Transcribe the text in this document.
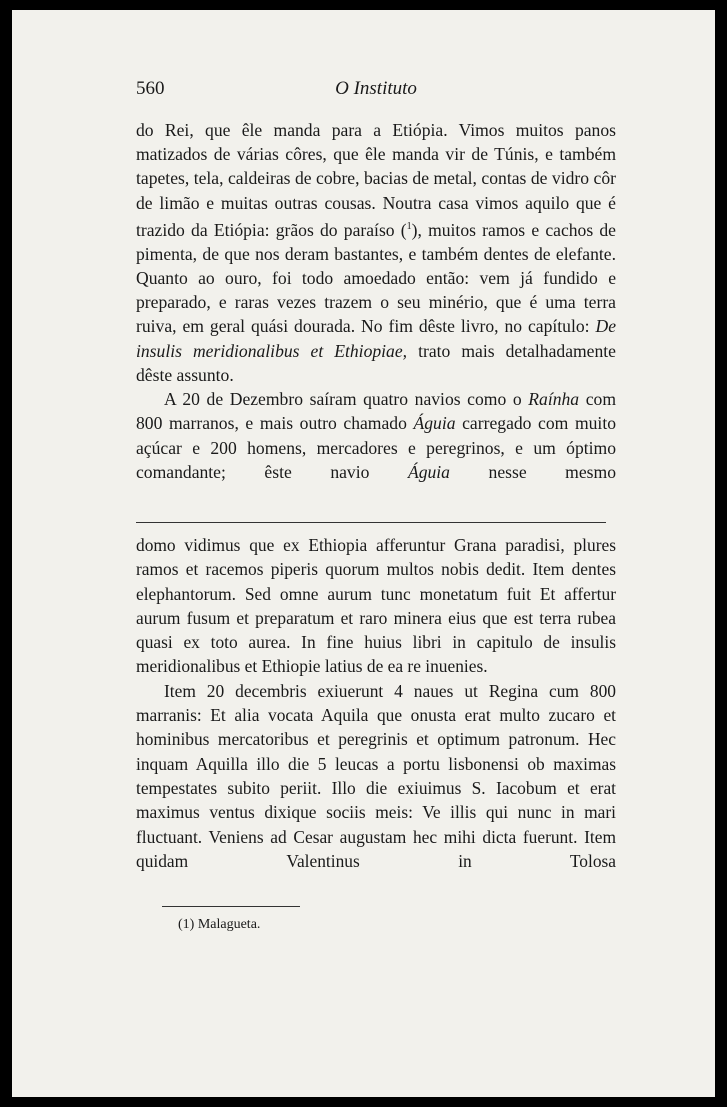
560	O Instituto

do Rei, que êle manda para a Etiópia. Vimos muitos panos matizados de várias côres, que êle manda vir de Túnis, e também tapetes, tela, caldeiras de cobre, bacias de metal, contas de vidro côr de limão e muitas outras cousas. Noutra casa vimos aquilo que é trazido da Etiópia: grãos do paraíso ($^1$), muitos ramos e cachos de pimenta, de que nos deram bastantes, e também dentes de elefante. Quanto ao ouro, foi todo amoedado então: vem já fundido e preparado, e raras vezes trazem o seu minério, que é uma terra ruiva, em geral quási dourada. No fim dêste livro, no capítulo: De insulis meridionalibus et Ethiopiae, trato mais detalhadamente dêste assunto.

A 20 de Dezembro saíram quatro navios como o Raínha com 800 marranos, e mais outro chamado Águia carregado com muito açúcar e 200 homens, mercadores e peregrinos, e um óptimo comandante; êste navio Águia nesse mesmo

domo vidimus que ex Ethiopia afferuntur Grana paradisi, plures ramos et racemos piperis quorum multos nobis dedit. Item dentes elephantorum. Sed omne aurum tunc monetatum fuit Et affertur aurum fusum et preparatum et raro minera eius que est terra rubea quasi ex toto aurea. In fine huius libri in capitulo de insulis meridionalibus et Ethiopie latius de ea re inuenies.

Item 20 decembris exiuerunt 4 naues ut Regina cum 800 marranis: Et alia vocata Aquila que onusta erat multo zucaro et hominibus mercatoribus et peregrinis et optimum patronum. Hec inquam Aquilla illo die 5 leucas a portu lisbonensi ob maximas tempestates subito periit. Illo die exiuimus S. Iacobum et erat maximus ventus dixique sociis meis: Ve illis qui nunc in mari fluctuant. Veniens ad Cesar augustam hec mihi dicta fuerunt. Item quidam Valentinus in Tolosa

(1) Malagueta.
